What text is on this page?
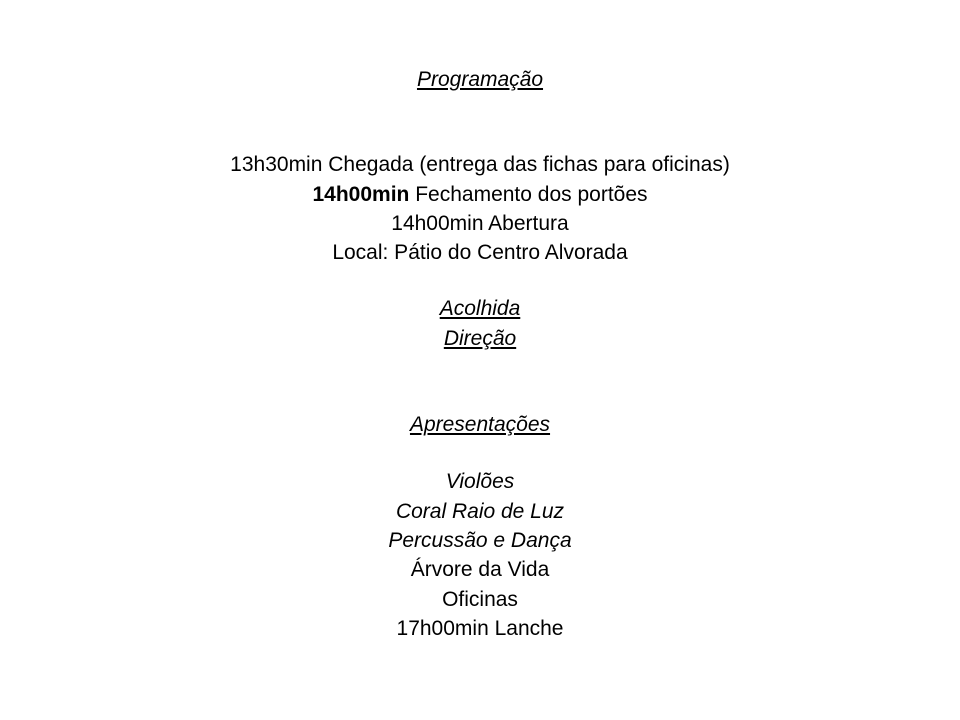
Programação
13h30min Chegada (entrega das fichas para oficinas)
14h00min Fechamento dos portões
14h00min Abertura
Local: Pátio do Centro Alvorada
Acolhida
Direção
Apresentações
Violões
Coral Raio de Luz
Percussão e Dança
Árvore da Vida
Oficinas
17h00min Lanche
